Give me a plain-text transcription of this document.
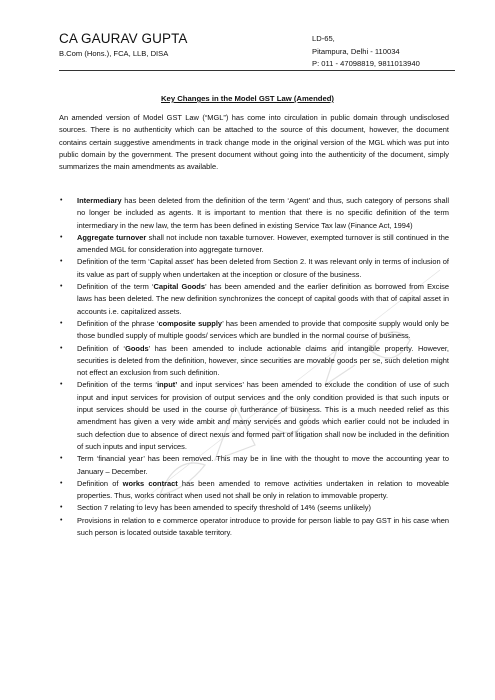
CA GAURAV GUPTA
B.Com (Hons.), FCA, LLB, DISA
LD-65,
Pitampura, Delhi - 110034
P: 011 - 47098819, 9811013940
Key Changes in the Model GST Law (Amended)

An amended version of Model GST Law (“MGL”) has come into circulation in public domain through undisclosed sources. There is no authenticity which can be attached to the source of this document, however, the document contains certain suggestive amendments in track change mode in the original version of the MGL which was put into public domain by the government. The present document without going into the authenticity of the document, simply summarizes the main amendments as available.

• Intermediary has been deleted from the definition of the term ‘Agent’ and thus, such category of persons shall no longer be included as agents. It is important to mention that there is no specific definition of the term intermediary in the new law, the term has been defined in existing Service Tax law (Finance Act, 1994)
• Aggregate turnover shall not include non taxable turnover. However, exempted turnover is still continued in the amended MGL for consideration into aggregate turnover.
• Definition of the term ‘Capital asset’ has been deleted from Section 2. It was relevant only in terms of inclusion of its value as part of supply when undertaken at the inception or closure of the business.
• Definition of the term ‘Capital Goods’ has been amended and the earlier definition as borrowed from Excise laws has been deleted. The new definition synchronizes the concept of capital goods with that of capital asset in accounts i.e. capitalized assets.
• Definition of the phrase ‘composite supply’ has been amended to provide that composite supply would only be those bundled supply of multiple goods/ services which are bundled in the normal course of business.
• Definition of ‘Goods’ has been amended to include actionable claims and intangible property. However, securities is deleted from the definition, however, since securities are movable goods per se, such deletion might not effect an exclusion from such definition.
• Definition of the terms ‘input’ and input services’ has been amended to exclude the condition of use of such input and input services for provision of output services and the only condition provided is that such inputs or input services should be used in the course or furtherance of business. This is a much needed relief as this amendment has given a very wide ambit and many services and goods which earlier could not be included in such defection due to absence of direct nexus and formed part of litigation shall now be included in the definition of such inputs and input services.
• Term ‘financial year’ has been removed. This may be in line with the thought to move the accounting year to January – December.
• Definition of works contract has been amended to remove activities undertaken in relation to moveable properties. Thus, works contract when used not shall be only in relation to immovable property.
• Section 7 relating to levy has been amended to specify threshold of 14% (seems unlikely)
• Provisions in relation to e commerce operator introduce to provide for person liable to pay GST in his case when such person is located outside taxable territory.
